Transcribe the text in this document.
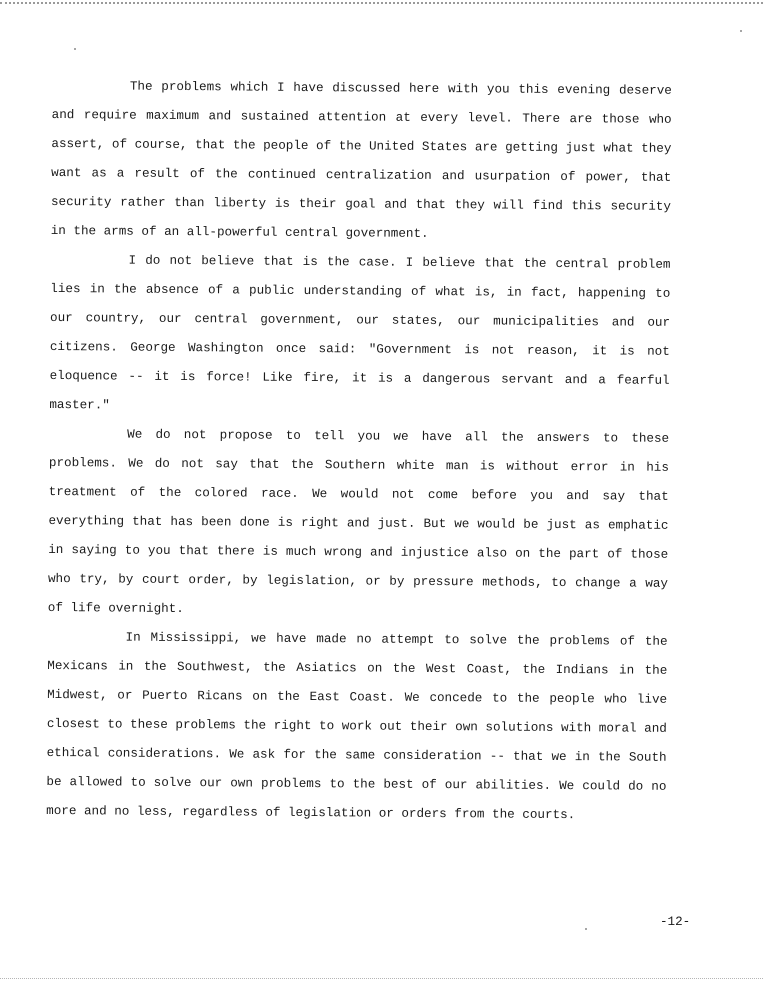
The problems which I have discussed here with you this evening deserve and require maximum and sustained attention at every level. There are those who assert, of course, that the people of the United States are getting just what they want as a result of the continued centralization and usurpation of power, that security rather than liberty is their goal and that they will find this security in the arms of an all-powerful central government.

I do not believe that is the case. I believe that the central problem lies in the absence of a public understanding of what is, in fact, happening to our country, our central government, our states, our municipalities and our citizens. George Washington once said: "Government is not reason, it is not eloquence -- it is force! Like fire, it is a dangerous servant and a fearful master."

We do not propose to tell you we have all the answers to these problems. We do not say that the Southern white man is without error in his treatment of the colored race. We would not come before you and say that everything that has been done is right and just. But we would be just as emphatic in saying to you that there is much wrong and injustice also on the part of those who try, by court order, by legislation, or by pressure methods, to change a way of life overnight.

In Mississippi, we have made no attempt to solve the problems of the Mexicans in the Southwest, the Asiatics on the West Coast, the Indians in the Midwest, or Puerto Ricans on the East Coast. We concede to the people who live closest to these problems the right to work out their own solutions with moral and ethical considerations. We ask for the same consideration -- that we in the South be allowed to solve our own problems to the best of our abilities. We could do no more and no less, regardless of legislation or orders from the courts.

-12-
